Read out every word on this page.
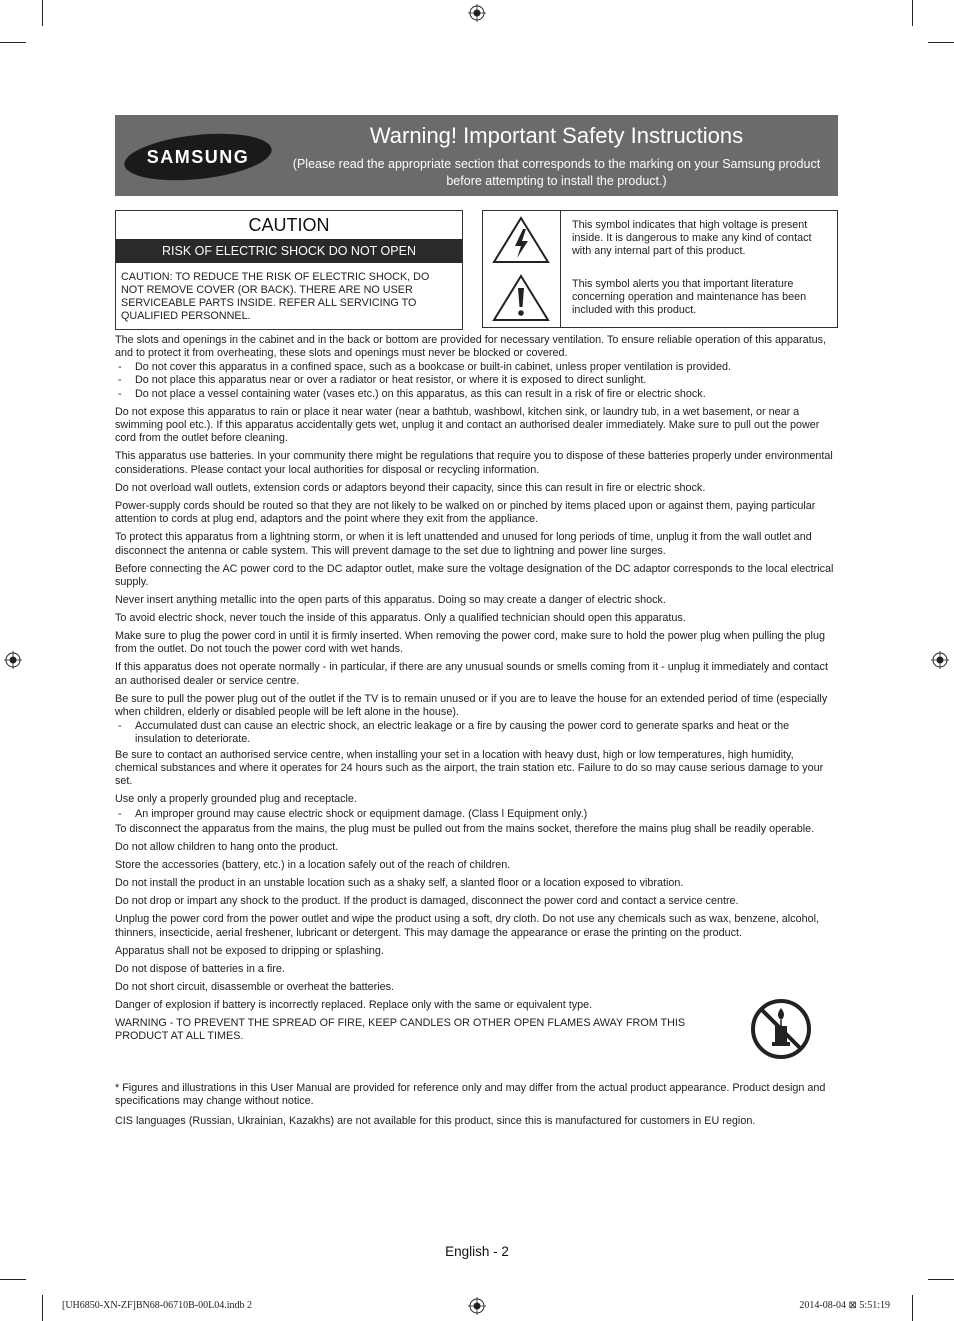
SAMSUNG
Warning! Important Safety Instructions
(Please read the appropriate section that corresponds to the marking on your Samsung product before attempting to install the product.)
CAUTION
RISK OF ELECTRIC SHOCK DO NOT OPEN
CAUTION: TO REDUCE THE RISK OF ELECTRIC SHOCK, DO NOT REMOVE COVER (OR BACK). THERE ARE NO USER SERVICEABLE PARTS INSIDE. REFER ALL SERVICING TO QUALIFIED PERSONNEL.
This symbol indicates that high voltage is present inside. It is dangerous to make any kind of contact with any internal part of this product.
This symbol alerts you that important literature concerning operation and maintenance has been included with this product.

The slots and openings in the cabinet and in the back or bottom are provided for necessary ventilation. To ensure reliable operation of this apparatus, and to protect it from overheating, these slots and openings must never be blocked or covered.

- Do not cover this apparatus in a confined space, such as a bookcase or built-in cabinet, unless proper ventilation is provided.

- Do not place this apparatus near or over a radiator or heat resistor, or where it is exposed to direct sunlight.

- Do not place a vessel containing water (vases etc.) on this apparatus, as this can result in a risk of fire or electric shock.

Do not expose this apparatus to rain or place it near water (near a bathtub, washbowl, kitchen sink, or laundry tub, in a wet basement, or near a swimming pool etc.). If this apparatus accidentally gets wet, unplug it and contact an authorised dealer immediately. Make sure to pull out the power cord from the outlet before cleaning.

This apparatus use batteries. In your community there might be regulations that require you to dispose of these batteries properly under environmental considerations. Please contact your local authorities for disposal or recycling information.

Do not overload wall outlets, extension cords or adaptors beyond their capacity, since this can result in fire or electric shock.

Power-supply cords should be routed so that they are not likely to be walked on or pinched by items placed upon or against them, paying particular attention to cords at plug end, adaptors and the point where they exit from the appliance.

To protect this apparatus from a lightning storm, or when it is left unattended and unused for long periods of time, unplug it from the wall outlet and disconnect the antenna or cable system. This will prevent damage to the set due to lightning and power line surges.

Before connecting the AC power cord to the DC adaptor outlet, make sure the voltage designation of the DC adaptor corresponds to the local electrical supply.

Never insert anything metallic into the open parts of this apparatus. Doing so may create a danger of electric shock.

To avoid electric shock, never touch the inside of this apparatus. Only a qualified technician should open this apparatus.

Make sure to plug the power cord in until it is firmly inserted. When removing the power cord, make sure to hold the power plug when pulling the plug from the outlet. Do not touch the power cord with wet hands.

If this apparatus does not operate normally - in particular, if there are any unusual sounds or smells coming from it - unplug it immediately and contact an authorised dealer or service centre.

Be sure to pull the power plug out of the outlet if the TV is to remain unused or if you are to leave the house for an extended period of time (especially when children, elderly or disabled people will be left alone in the house).

- Accumulated dust can cause an electric shock, an electric leakage or a fire by causing the power cord to generate sparks and heat or the insulation to deteriorate.

Be sure to contact an authorised service centre, when installing your set in a location with heavy dust, high or low temperatures, high humidity, chemical substances and where it operates for 24 hours such as the airport, the train station etc. Failure to do so may cause serious damage to your set.

Use only a properly grounded plug and receptacle.

- An improper ground may cause electric shock or equipment damage. (Class l Equipment only.)

To disconnect the apparatus from the mains, the plug must be pulled out from the mains socket, therefore the mains plug shall be readily operable.

Do not allow children to hang onto the product.

Store the accessories (battery, etc.) in a location safely out of the reach of children.

Do not install the product in an unstable location such as a shaky self, a slanted floor or a location exposed to vibration.

Do not drop or impart any shock to the product. If the product is damaged, disconnect the power cord and contact a service centre.

Unplug the power cord from the power outlet and wipe the product using a soft, dry cloth. Do not use any chemicals such as wax, benzene, alcohol, thinners, insecticide, aerial freshener, lubricant or detergent. This may damage the appearance or erase the printing on the product.

Apparatus shall not be exposed to dripping or splashing.

Do not dispose of batteries in a fire.

Do not short circuit, disassemble or overheat the batteries.

Danger of explosion if battery is incorrectly replaced. Replace only with the same or equivalent type.

WARNING - TO PREVENT THE SPREAD OF FIRE, KEEP CANDLES OR OTHER OPEN FLAMES AWAY FROM THIS PRODUCT AT ALL TIMES.

* Figures and illustrations in this User Manual are provided for reference only and may differ from the actual product appearance. Product design and specifications may change without notice.

CIS languages (Russian, Ukrainian, Kazakhs) are not available for this product, since this is manufactured for customers in EU region.

English - 2
[UH6850-XN-ZF]BN68-06710B-00L04.indb 2	2014-08-04 ⊠ 5:51:19
